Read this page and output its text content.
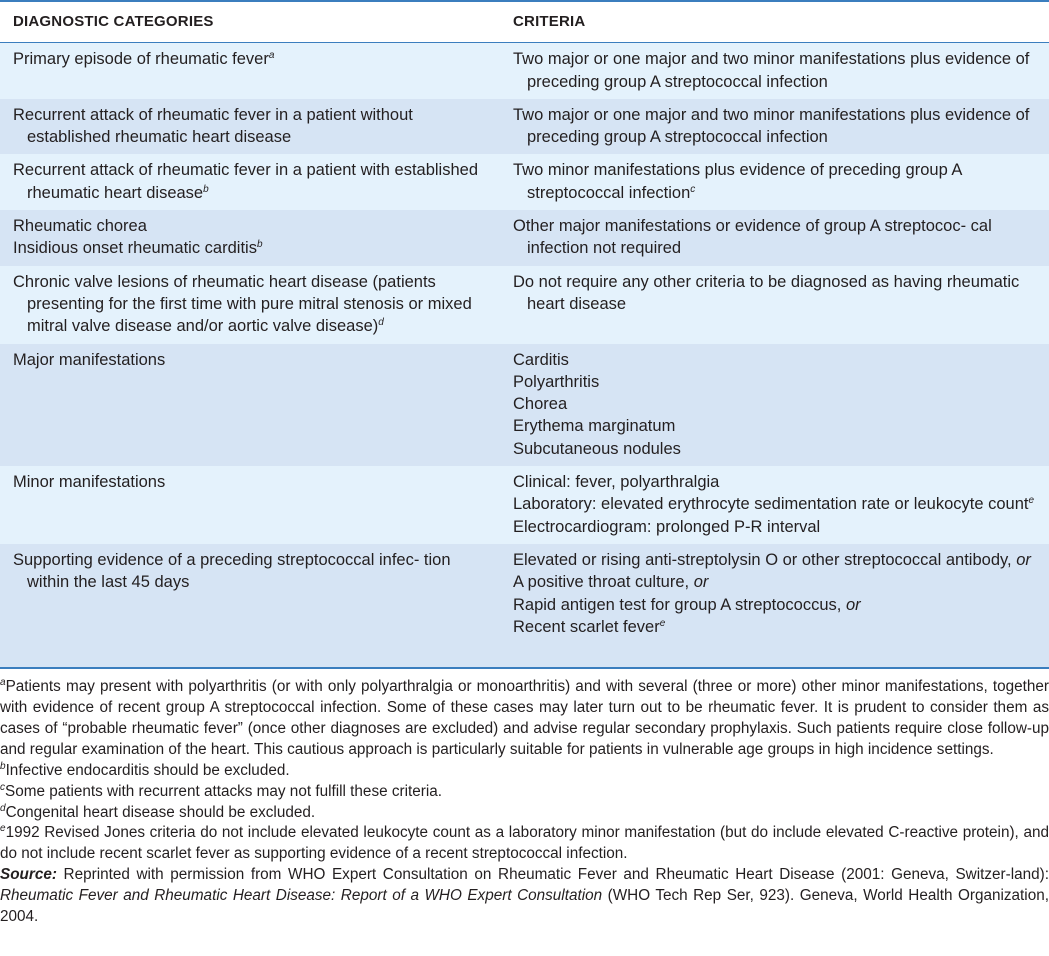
DIAGNOSTIC CATEGORIES	CRITERIA

Primary episode of rheumatic fever$^a$	Two major or one major and two minor manifestations plus evidence of preceding group A streptococcal infection

Recurrent attack of rheumatic fever in a patient without established rheumatic heart disease	Two major or one major and two minor manifestations plus evidence of preceding group A streptococcal infection

Recurrent attack of rheumatic fever in a patient with established rheumatic heart disease$^b$	Two minor manifestations plus evidence of preceding group A streptococcal infection$^c$

Rheumatic chorea
Insidious onset rheumatic carditis$^b$	Other major manifestations or evidence of group A streptococ- cal infection not required

Chronic valve lesions of rheumatic heart disease (patients presenting for the first time with pure mitral stenosis or mixed mitral valve disease and/or aortic valve disease)$^d$	Do not require any other criteria to be diagnosed as having rheumatic heart disease

Major manifestations	Carditis
Polyarthritis
Chorea
Erythema marginatum
Subcutaneous nodules

Minor manifestations	Clinical: fever, polyarthralgia
Laboratory: elevated erythrocyte sedimentation rate or leukocyte count$^e$
Electrocardiogram: prolonged P-R interval

Supporting evidence of a preceding streptococcal infec- tion within the last 45 days	Elevated or rising anti-streptolysin O or other streptococcal antibody, or
A positive throat culture, or
Rapid antigen test for group A streptococcus, or
Recent scarlet fever$^e$

$^a$Patients may present with polyarthritis (or with only polyarthralgia or monoarthritis) and with several (three or more) other minor manifestations, together with evidence of recent group A streptococcal infection. Some of these cases may later turn out to be rheumatic fever. It is prudent to consider them as cases of “probable rheumatic fever” (once other diagnoses are excluded) and advise regular secondary prophylaxis. Such patients require close follow-up and regular examination of the heart. This cautious approach is particularly suitable for patients in vulnerable age groups in high incidence settings.
$^b$Infective endocarditis should be excluded.
$^c$Some patients with recurrent attacks may not fulfill these criteria.
$^d$Congenital heart disease should be excluded.
$^e$1992 Revised Jones criteria do not include elevated leukocyte count as a laboratory minor manifestation (but do include elevated C-reactive protein), and do not include recent scarlet fever as supporting evidence of a recent streptococcal infection.
Source: Reprinted with permission from WHO Expert Consultation on Rheumatic Fever and Rheumatic Heart Disease (2001: Geneva, Switzer-land): Rheumatic Fever and Rheumatic Heart Disease: Report of a WHO Expert Consultation (WHO Tech Rep Ser, 923). Geneva, World Health Organization, 2004.
